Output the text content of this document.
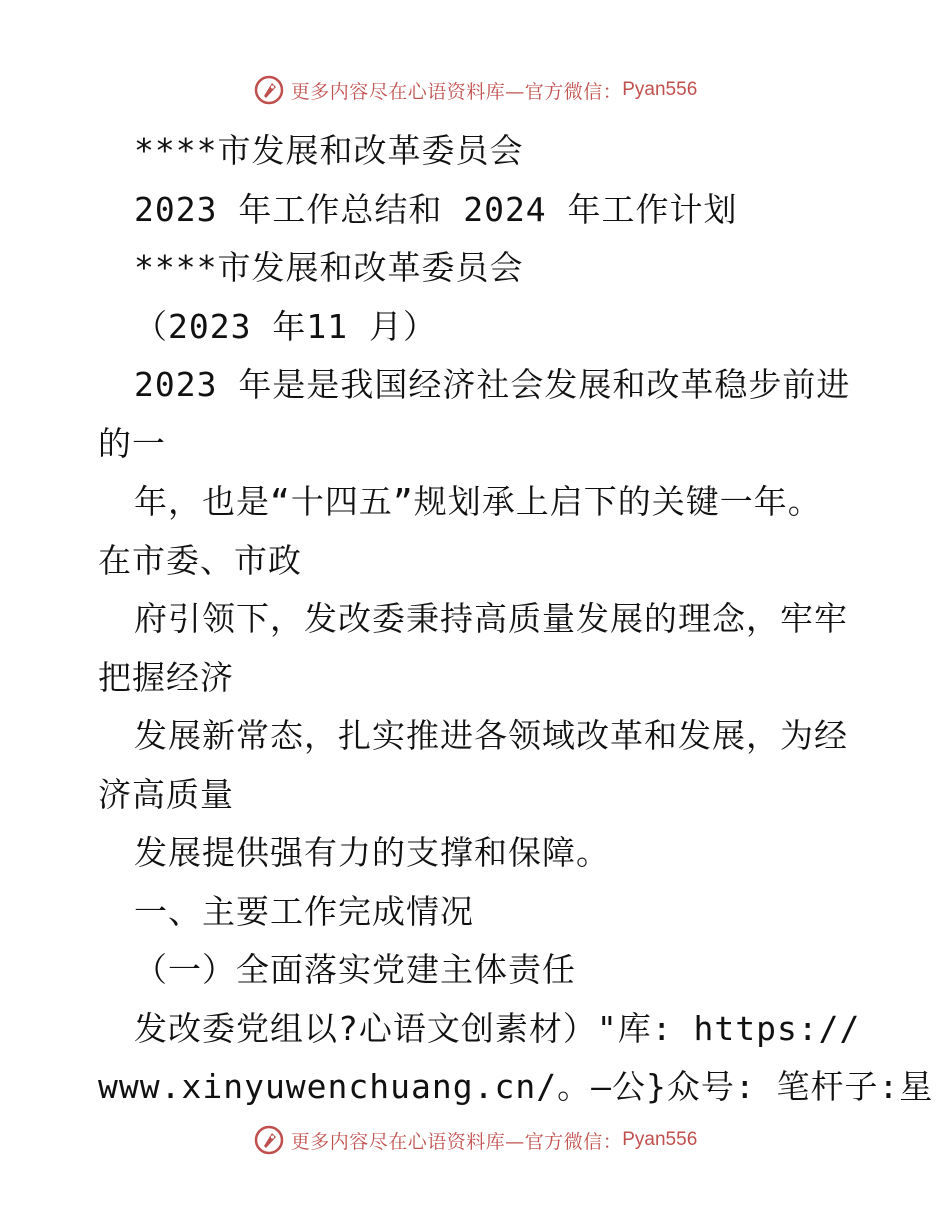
更多内容尽在心语资料库—官方微信： Pyan556
****市发展和改革委员会
2023 年工作总结和 2024 年工作计划
****市发展和改革委员会
（2023 年11 月）
2023 年是是我国经济社会发展和改革稳步前进
的一
年，也是“十四五”规划承上启下的关键一年。
在市委、市政
府引领下，发改委秉持高质量发展的理念，牢牢
把握经济
发展新常态，扎实推进各领域改革和发展，为经
济高质量
发展提供强有力的支撑和保障。
一、主要工作完成情况
（一）全面落实党建主体责任
发改委党组以?心语文创素材）"库: https://
www.xinyuwenchuang.cn/。—公}众号: 笔杆子:星
更多内容尽在心语资料库—官方微信： Pyan556
